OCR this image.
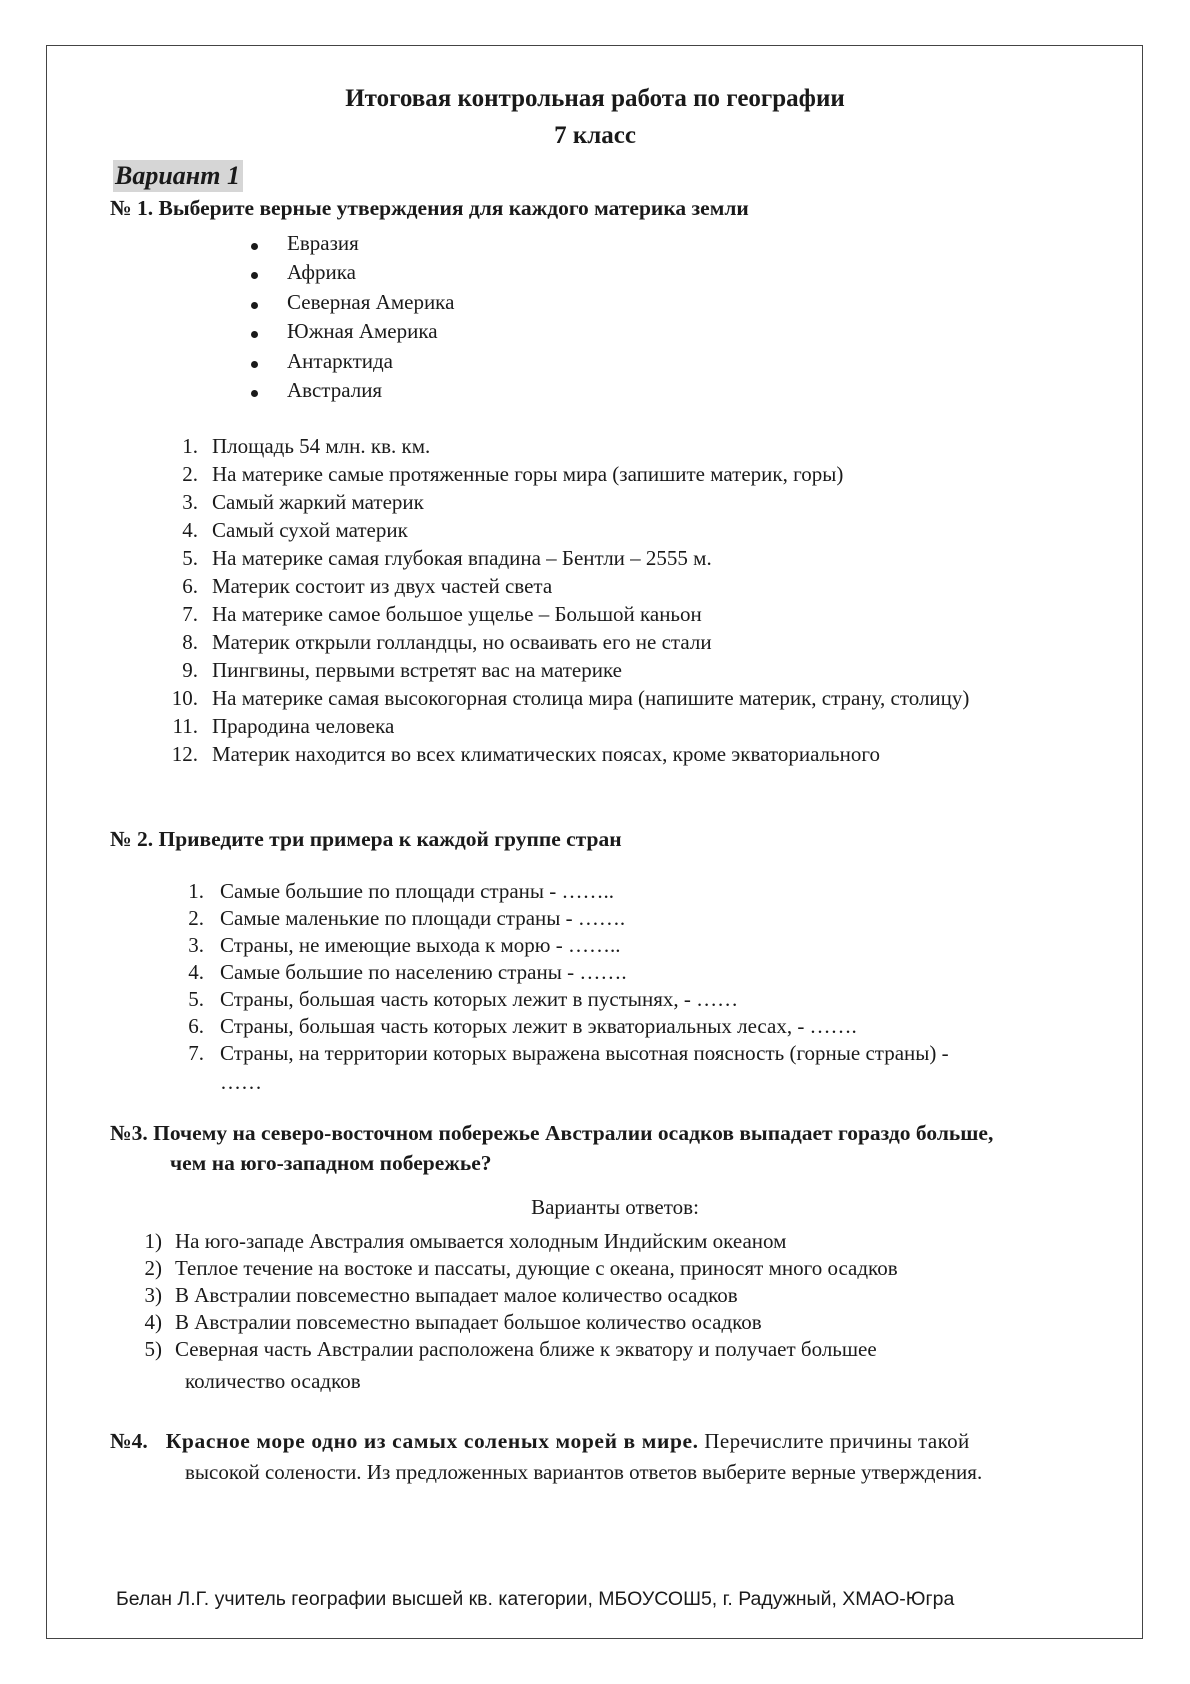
Итоговая контрольная работа по географии
7 класс
Вариант 1
№ 1. Выберите верные утверждения для каждого материка земли
Евразия
Африка
Северная Америка
Южная Америка
Антарктида
Австралия
1. Площадь 54 млн. кв. км.
2. На материке самые протяженные горы мира (запишите материк, горы)
3. Самый жаркий материк
4. Самый сухой материк
5. На материке самая глубокая впадина – Бентли – 2555 м.
6. Материк состоит из двух частей света
7. На материке самое большое ущелье – Большой каньон
8. Материк открыли голландцы, но осваивать его не стали
9. Пингвины, первыми встретят вас на материке
10. На материке самая высокогорная столица мира (напишите материк, страну, столицу)
11. Прародина человека
12. Материк находится во всех климатических поясах, кроме экваториального
№ 2. Приведите три примера к каждой группе стран
1. Самые большие по площади страны - ……..
2. Самые маленькие по площади страны - …….
3. Страны, не имеющие выхода к морю - ……..
4. Самые большие по населению страны - …….
5. Страны, большая часть которых лежит в пустынях, - ……
6. Страны, большая часть которых лежит в экваториальных лесах, - …….
7. Страны, на территории которых выражена высотная поясность (горные страны) -
……
№3. Почему на северо-восточном побережье Австралии осадков выпадает гораздо больше,
чем на юго-западном побережье?
Варианты ответов:
1) На юго-западе Австралия омывается холодным Индийским океаном
2) Теплое течение на востоке и пассаты, дующие с океана, приносят много осадков
3) В Австралии повсеместно выпадает малое количество осадков
4) В Австралии повсеместно выпадает большое количество осадков
5) Северная часть Австралии расположена ближе к экватору и получает большее
количество осадков
№4. Красное море одно из самых соленых морей в мире. Перечислите причины такой
высокой солености. Из предложенных вариантов ответов выберите верные утверждения.
Белан Л.Г. учитель географии высшей кв. категории, МБОУСОШ5, г. Радужный, ХМАО-Югра
